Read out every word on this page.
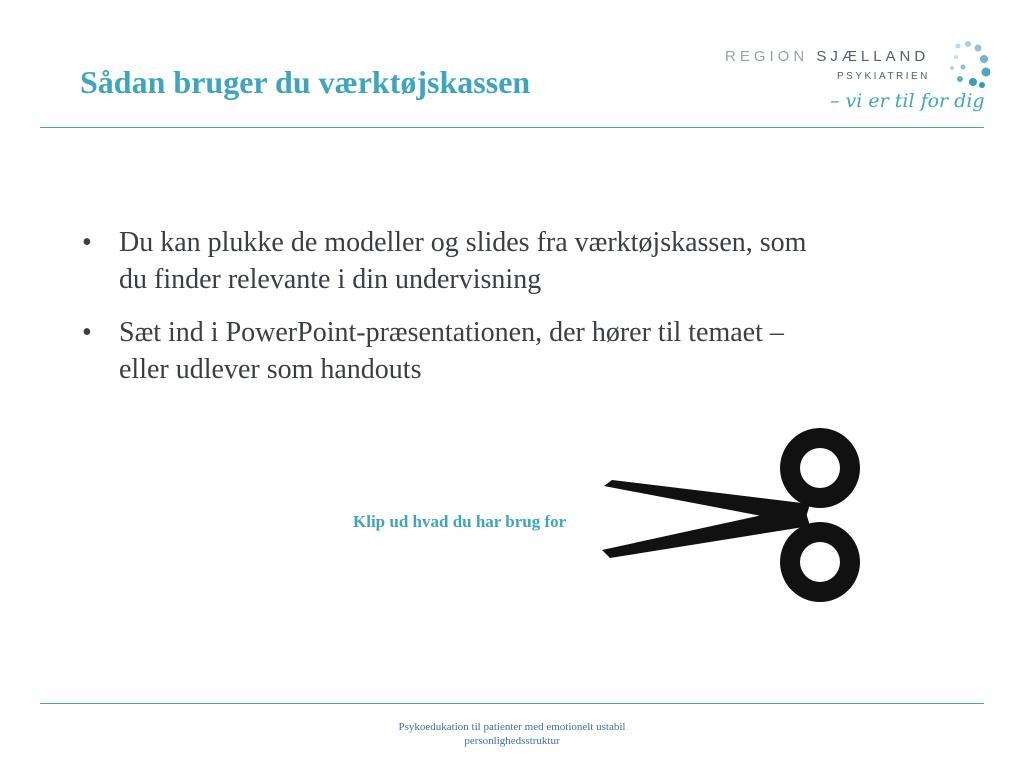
Sådan bruger du værktøjskassen
REGION SJÆLLAND
PSYKIATRIEN
– vi er til for dig
• Du kan plukke de modeller og slides fra værktøjskassen, som
du finder relevante i din undervisning
• Sæt ind i PowerPoint-præsentationen, der hører til temaet –
eller udlever som handouts
Klip ud hvad du har brug for
Psykoedukation til patienter med emotionelt ustabil
personlighedsstruktur
